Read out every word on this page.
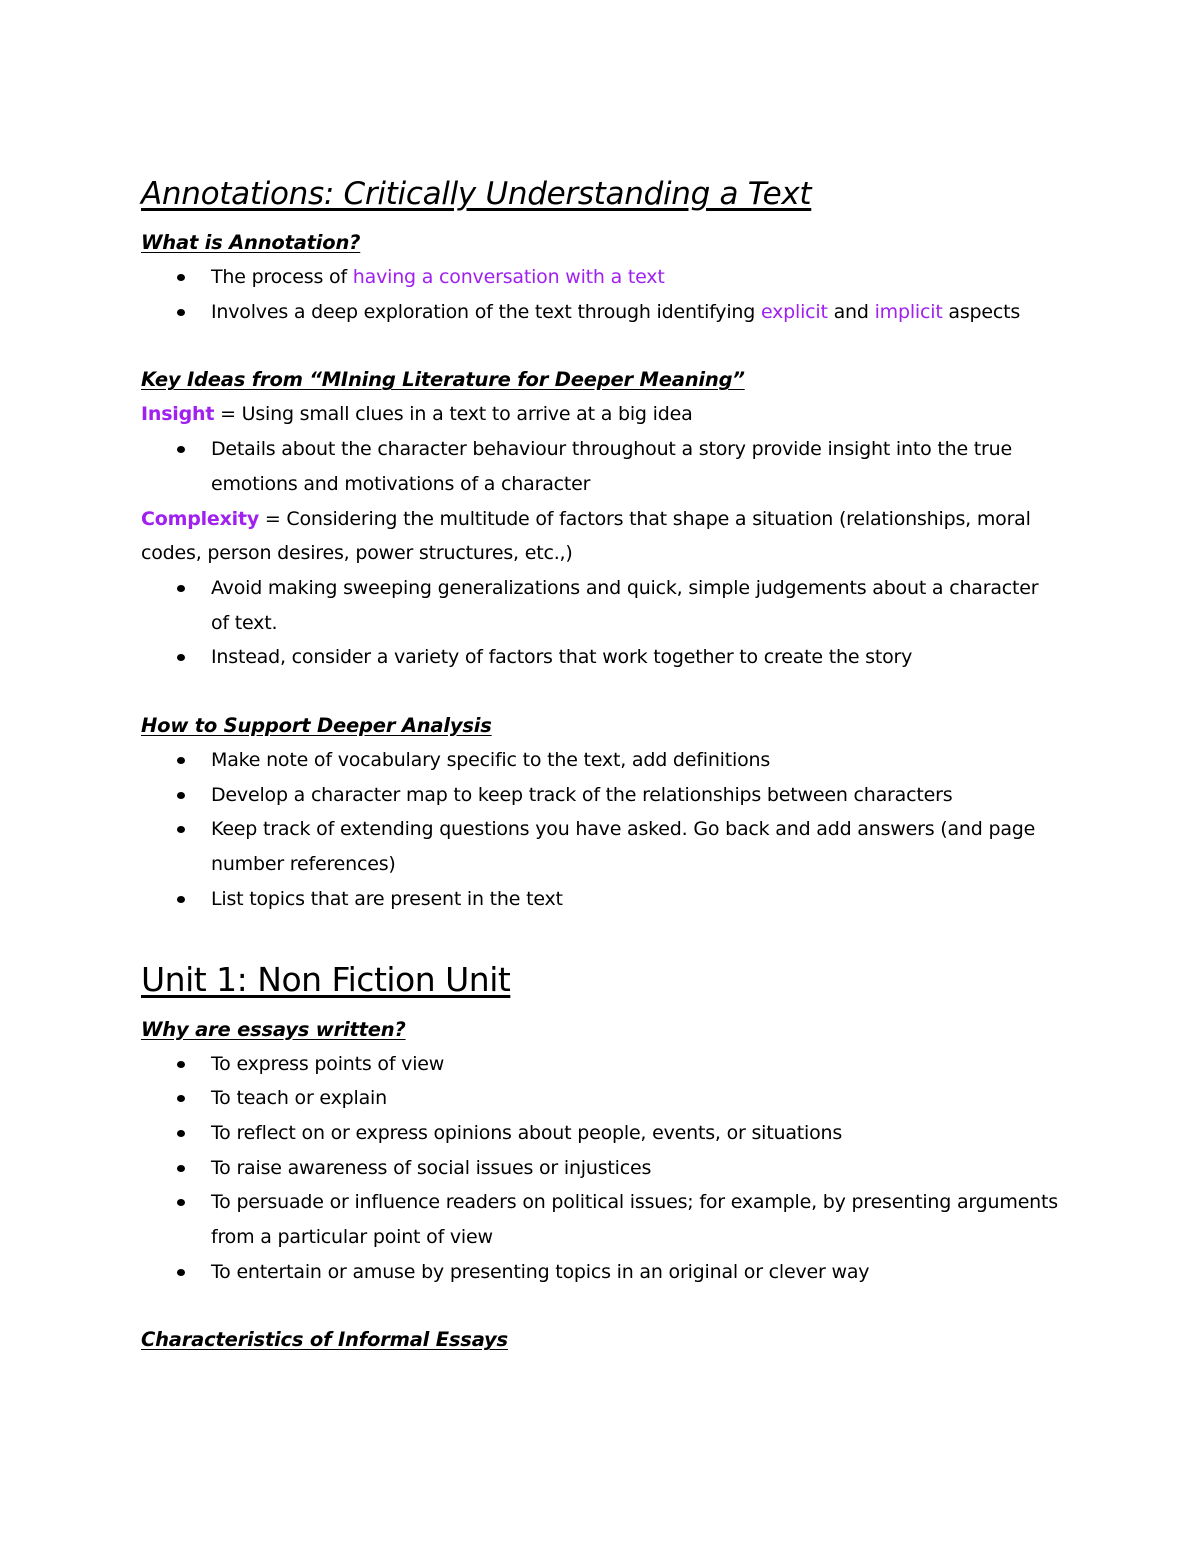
Annotations: Critically Understanding a Text
What is Annotation?
The process of having a conversation with a text
Involves a deep exploration of the text through identifying explicit and implicit aspects
Key Ideas from “MIning Literature for Deeper Meaning”
Insight = Using small clues in a text to arrive at a big idea
Details about the character behaviour throughout a story provide insight into the true emotions and motivations of a character
Complexity = Considering the multitude of factors that shape a situation (relationships, moral codes, person desires, power structures, etc.,)
Avoid making sweeping generalizations and quick, simple judgements about a character of text.
Instead, consider a variety of factors that work together to create the story
How to Support Deeper Analysis
Make note of vocabulary specific to the text, add definitions
Develop a character map to keep track of the relationships between characters
Keep track of extending questions you have asked. Go back and add answers (and page number references)
List topics that are present in the text
Unit 1: Non Fiction Unit
Why are essays written?
To express points of view
To teach or explain
To reflect on or express opinions about people, events, or situations
To raise awareness of social issues or injustices
To persuade or influence readers on political issues; for example, by presenting arguments from a particular point of view
To entertain or amuse by presenting topics in an original or clever way
Characteristics of Informal Essays
